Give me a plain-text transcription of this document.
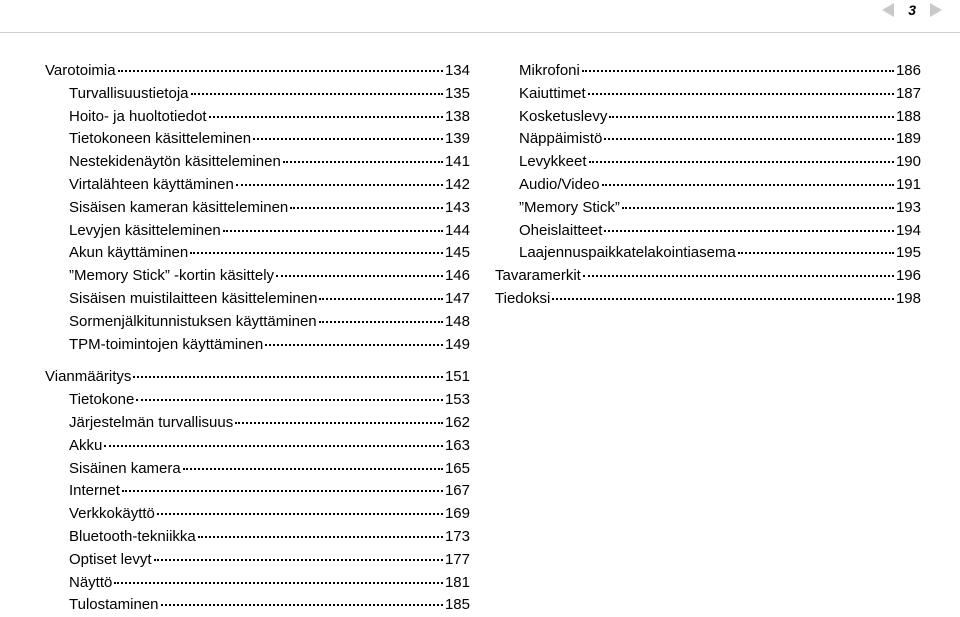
3
Varotoimia	134
Turvallisuustietoja	135
Hoito- ja huoltotiedot	138
Tietokoneen käsitteleminen	139
Nestekidenäytön käsitteleminen	141
Virtalähteen käyttäminen	142
Sisäisen kameran käsitteleminen	143
Levyjen käsitteleminen	144
Akun käyttäminen	145
”Memory Stick” -kortin käsittely	146
Sisäisen muistilaitteen käsitteleminen	147
Sormenjälkitunnistuksen käyttäminen	148
TPM-toimintojen käyttäminen	149
Vianmääritys	151
Tietokone	153
Järjestelmän turvallisuus	162
Akku	163
Sisäinen kamera	165
Internet	167
Verkkokäyttö	169
Bluetooth-tekniikka	173
Optiset levyt	177
Näyttö	181
Tulostaminen	185
Mikrofoni	186
Kaiuttimet	187
Kosketuslevy	188
Näppäimistö	189
Levykkeet	190
Audio/Video	191
”Memory Stick”	193
Oheislaitteet	194
Laajennuspaikkatelakointiasema	195
Tavaramerkit	196
Tiedoksi	198
